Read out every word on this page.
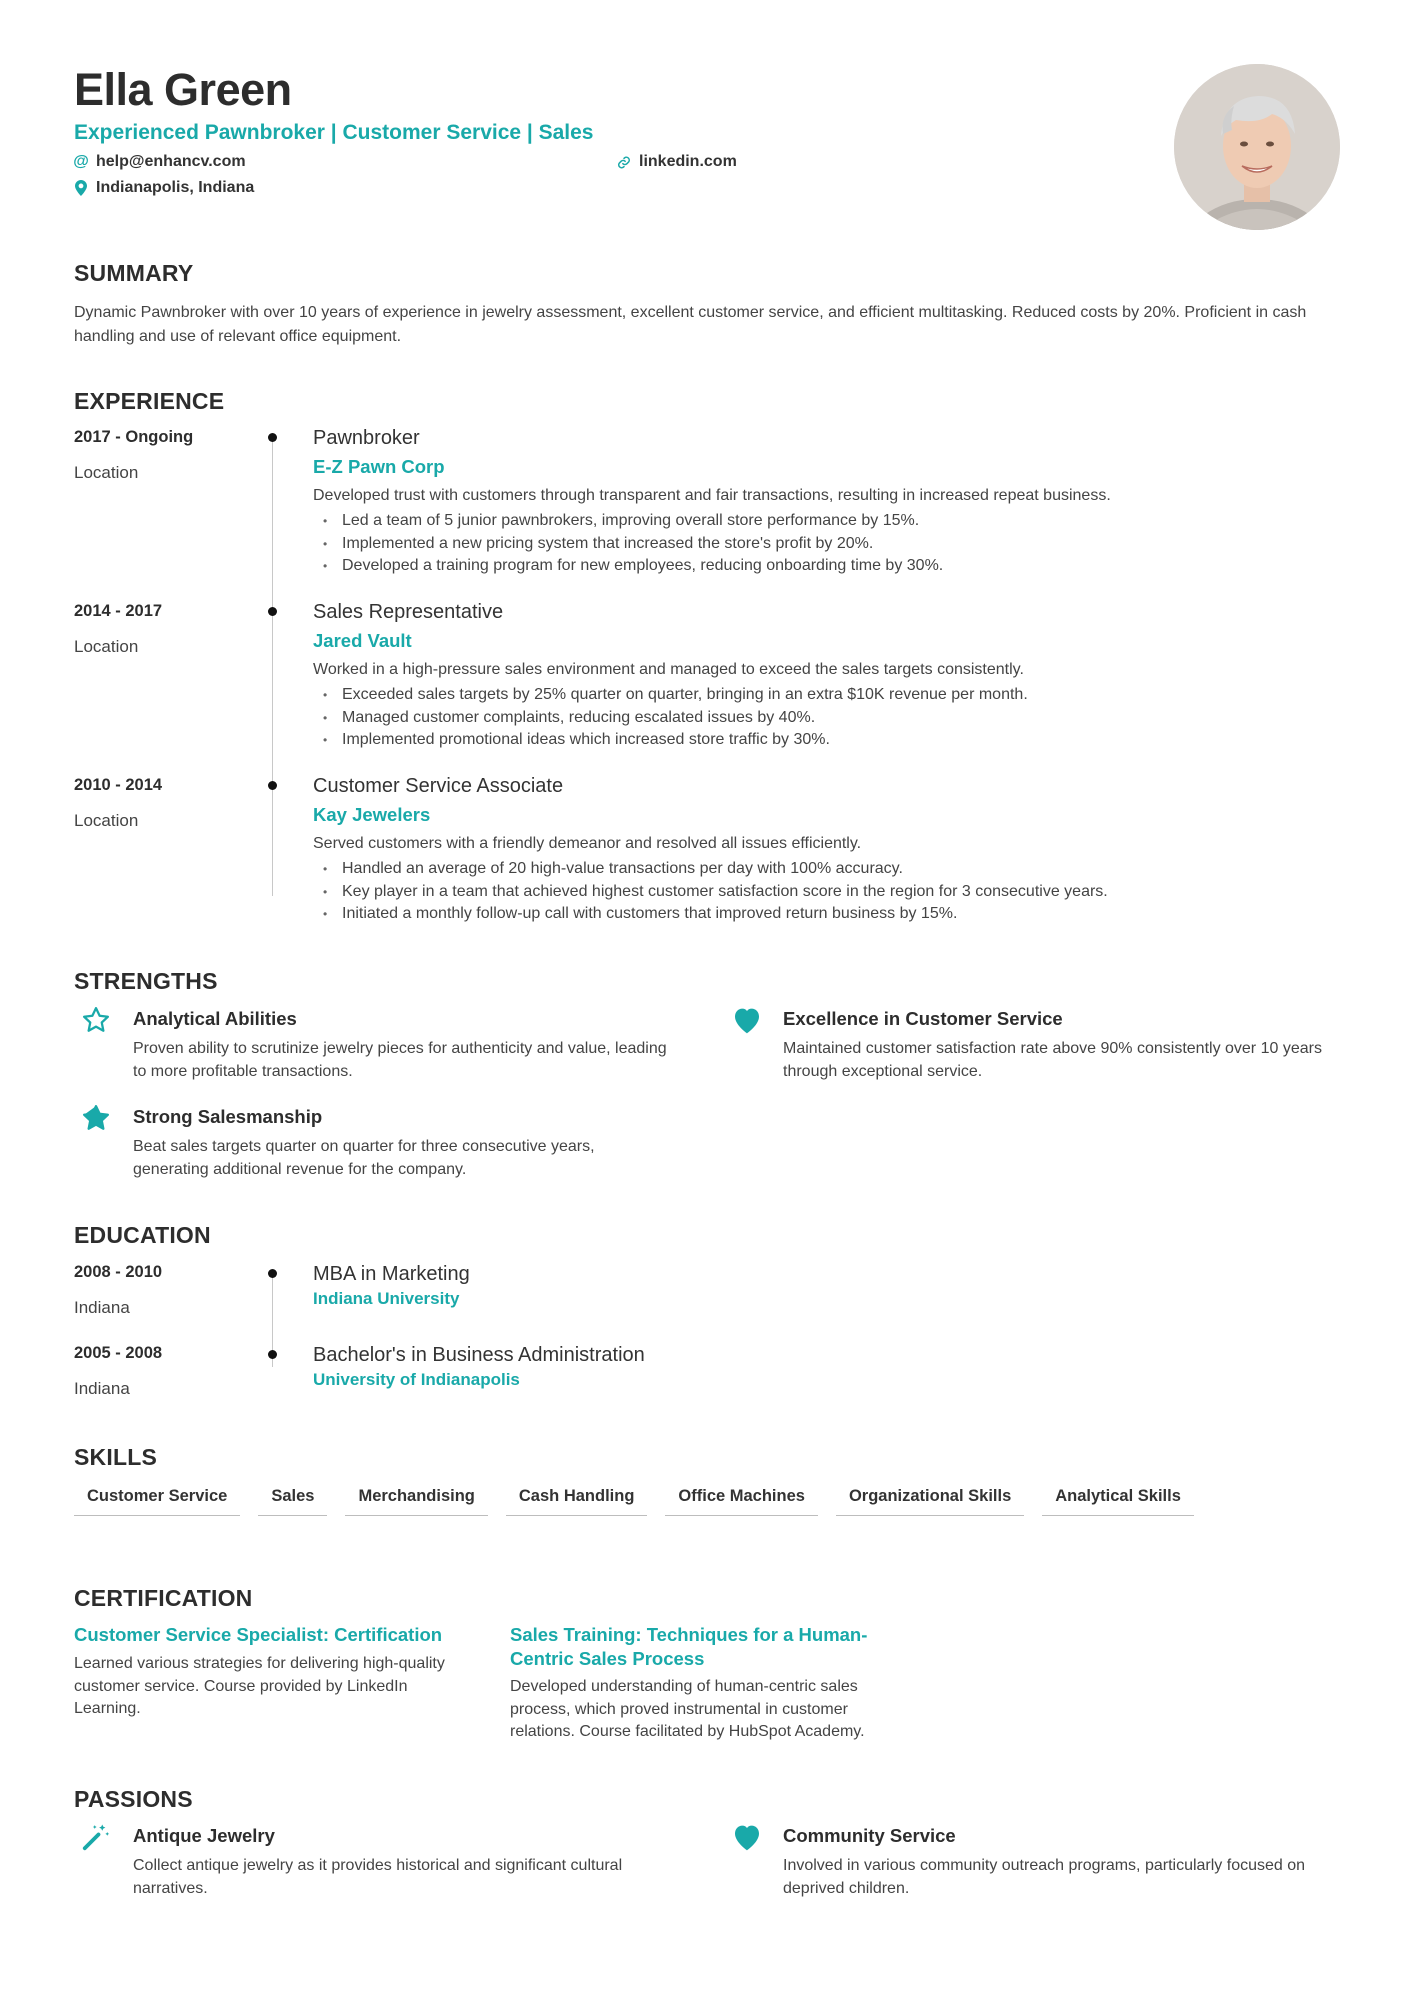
Ella Green
Experienced Pawnbroker | Customer Service | Sales
@ help@enhancv.com	linkedin.com
Indianapolis, Indiana
SUMMARY
Dynamic Pawnbroker with over 10 years of experience in jewelry assessment, excellent customer service, and efficient multitasking. Reduced costs by 20%. Proficient in cash handling and use of relevant office equipment.
EXPERIENCE
2017 - Ongoing
Location
Pawnbroker
E-Z Pawn Corp
Developed trust with customers through transparent and fair transactions, resulting in increased repeat business.
• Led a team of 5 junior pawnbrokers, improving overall store performance by 15%.
• Implemented a new pricing system that increased the store's profit by 20%.
• Developed a training program for new employees, reducing onboarding time by 30%.
2014 - 2017
Location
Sales Representative
Jared Vault
Worked in a high-pressure sales environment and managed to exceed the sales targets consistently.
• Exceeded sales targets by 25% quarter on quarter, bringing in an extra $10K revenue per month.
• Managed customer complaints, reducing escalated issues by 40%.
• Implemented promotional ideas which increased store traffic by 30%.
2010 - 2014
Location
Customer Service Associate
Kay Jewelers
Served customers with a friendly demeanor and resolved all issues efficiently.
• Handled an average of 20 high-value transactions per day with 100% accuracy.
• Key player in a team that achieved highest customer satisfaction score in the region for 3 consecutive years.
• Initiated a monthly follow-up call with customers that improved return business by 15%.
STRENGTHS
Analytical Abilities
Proven ability to scrutinize jewelry pieces for authenticity and value, leading to more profitable transactions.
Excellence in Customer Service
Maintained customer satisfaction rate above 90% consistently over 10 years through exceptional service.
Strong Salesmanship
Beat sales targets quarter on quarter for three consecutive years, generating additional revenue for the company.
EDUCATION
2008 - 2010
Indiana
MBA in Marketing
Indiana University
2005 - 2008
Indiana
Bachelor's in Business Administration
University of Indianapolis
SKILLS
Customer Service	Sales	Merchandising	Cash Handling	Office Machines	Organizational Skills	Analytical Skills
CERTIFICATION
Customer Service Specialist: Certification
Learned various strategies for delivering high-quality customer service. Course provided by LinkedIn Learning.
Sales Training: Techniques for a Human-Centric Sales Process
Developed understanding of human-centric sales process, which proved instrumental in customer relations. Course facilitated by HubSpot Academy.
PASSIONS
Antique Jewelry
Collect antique jewelry as it provides historical and significant cultural narratives.
Community Service
Involved in various community outreach programs, particularly focused on deprived children.
